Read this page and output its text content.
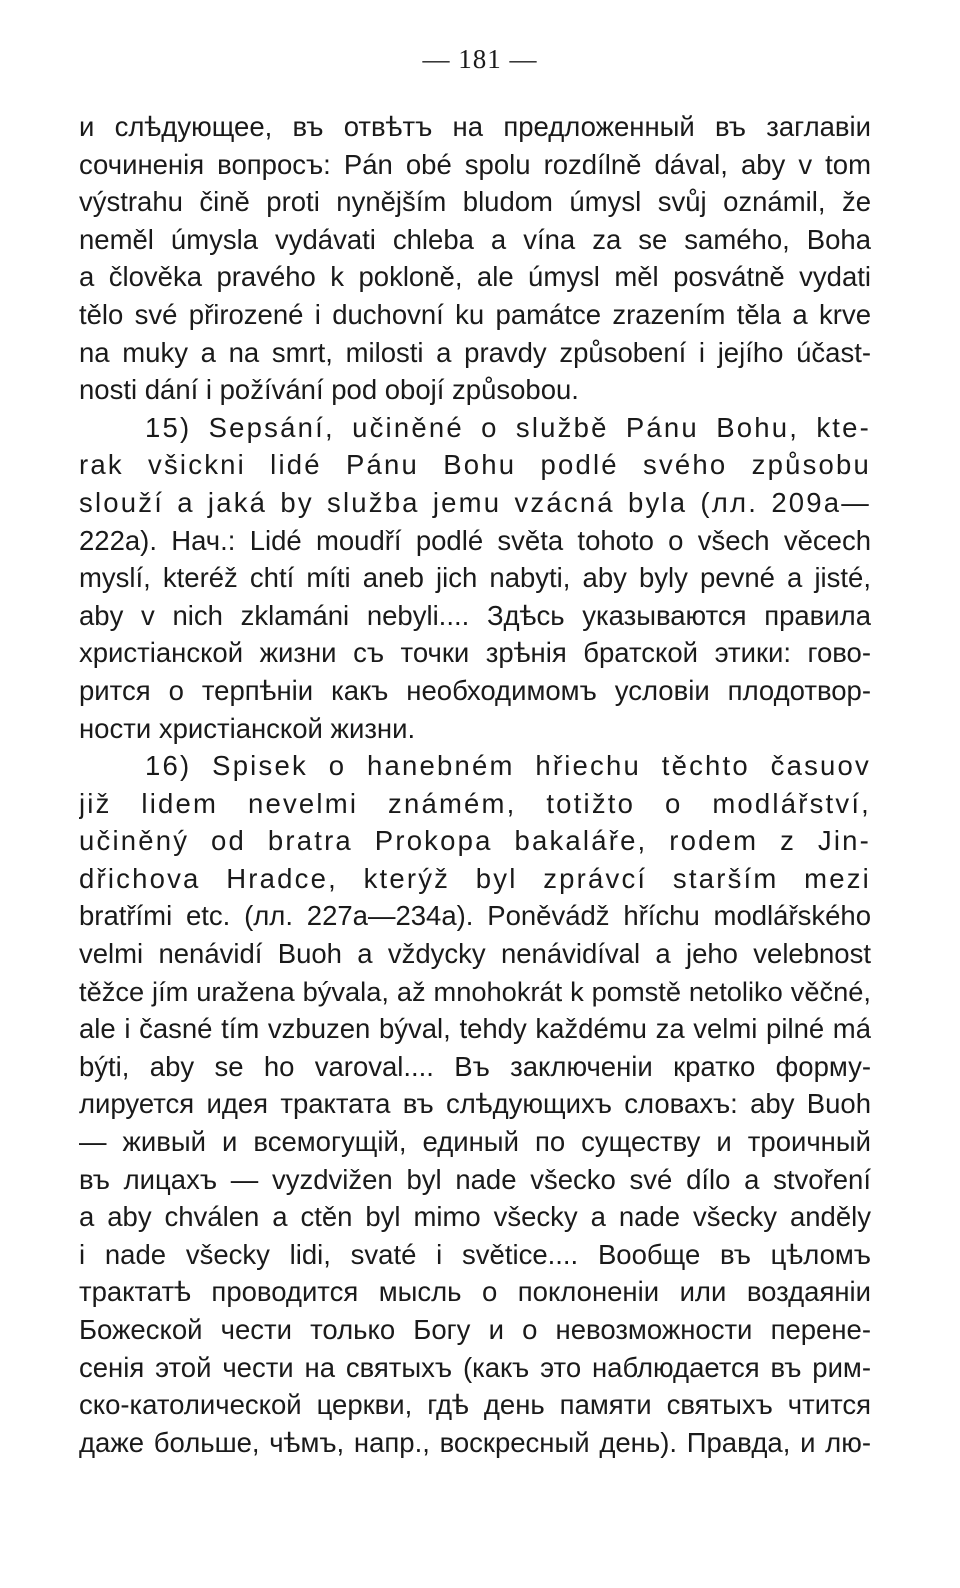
— 181 —
и слѣдующее, въ отвѣтъ на предложенный въ заглавіи
сочиненія вопросъ: Pán obé spolu rozdílně dával, aby v tom
výstrahu čině proti nynějším bludom úmysl svůj oznámil, že
neměl úmysla vydávati chleba a vína za se samého, Boha
a člověka pravého k pokloně, ale úmysl měl posvátně vydati
tělo své přirozené i duchovní ku památce zrazením těla a krve
na muky a na smrt, milosti a pravdy způsobení i jejího účast-
nosti dání i požívání pod obojí způsobou.
15) Sepsání, učiněné o službě Pánu Bohu, kte-
rak všickni lidé Pánu Bohu podlé svého způsobu
slouží a jaká by služba jemu vzácná byla (лл. 209а—
222а). Нач.: Lidé moudří podlé světa tohoto o všech věcech
myslí, kteréž chtí míti aneb jich nabyti, aby byly pevné a jisté,
aby v nich zklamáni nebyli.... Здѣсь указываются правила
христіанской жизни съ точки зрѣнія братской этики: гово-
рится о терпѣніи какъ необходимомъ условіи плодотвор-
ности христіанской жизни.
16) Spisek o hanebném hřiechu těchto časuov
již lidem nevelmi známém, totižto o modlářství,
učiněný od bratra Prokopa bakaláře, rodem z Jin-
dřichova Hradce, kterýž byl zprávcí starším mezi
bratřími etc. (лл. 227а—234а). Poněvádž hříchu modlářského
velmi nenávidí Buoh a vždycky nenávidíval a jeho velebnost
těžce jím uražena bývala, až mnohokrát k pomstě netoliko věčné,
ale i časné tím vzbuzen býval, tehdy každému za velmi pilné má
býti, aby se ho varoval.... Въ заключеніи кратко форму-
лируется идея трактата въ слѣдующихъ словахъ: aby Buoh
— живый и всемогущій, единый по существу и троичный
въ лицахъ — vyzdvižen byl nade všecko své dílo a stvoření
a aby chválen a ctěn byl mimo všecky a nade všecky anděly
i nade všecky lidi, svaté i světice.... Вообще въ цѣломъ
трактатѣ проводится мысль о поклоненіи или воздаяніи
Божеской чести только Богу и о невозможности перене-
сенія этой чести на святыхъ (какъ это наблюдается въ рим-
ско-католической церкви, гдѣ день памяти святыхъ чтится
даже больше, чѣмъ, напр., воскресный день). Правда, и лю-
